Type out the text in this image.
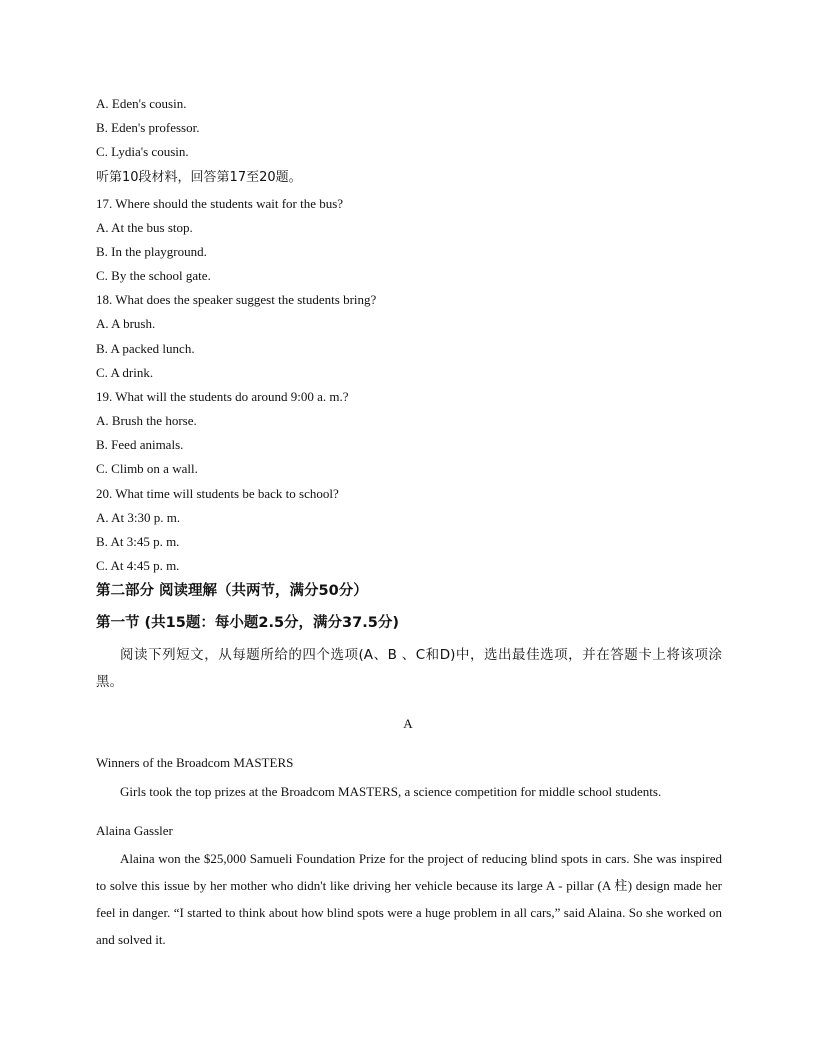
A. Eden's cousin.
B. Eden's professor.
C. Lydia's cousin.
听第10段材料，回答第17至20题。
17. Where should the students wait for the bus?
A. At the bus stop.
B. In the playground.
C. By the school gate.
18. What does the speaker suggest the students bring?
A. A brush.
B. A packed lunch.
C. A drink.
19. What will the students do around 9:00 a. m.?
A. Brush the horse.
B. Feed animals.
C. Climb on a wall.
20. What time will students be back to school?
A. At 3:30 p. m.
B. At 3:45 p. m.
C. At 4:45 p. m.
第二部分 阅读理解（共两节，满分50分）
第一节 (共15题：每小题2.5分，满分37.5分)
阅读下列短文，从每题所给的四个选项(A、B 、C和D)中，选出最佳选项，并在答题卡上将该项涂黑。
A
Winners of the Broadcom MASTERS
Girls took the top prizes at the Broadcom MASTERS, a science competition for middle school students.
Alaina Gassler
Alaina won the $25,000 Samueli Foundation Prize for the project of reducing blind spots in cars. She was inspired to solve this issue by her mother who didn't like driving her vehicle because its large A - pillar (A 柱) design made her feel in danger. “I started to think about how blind spots were a huge problem in all cars,” said Alaina. So she worked on and solved it.
